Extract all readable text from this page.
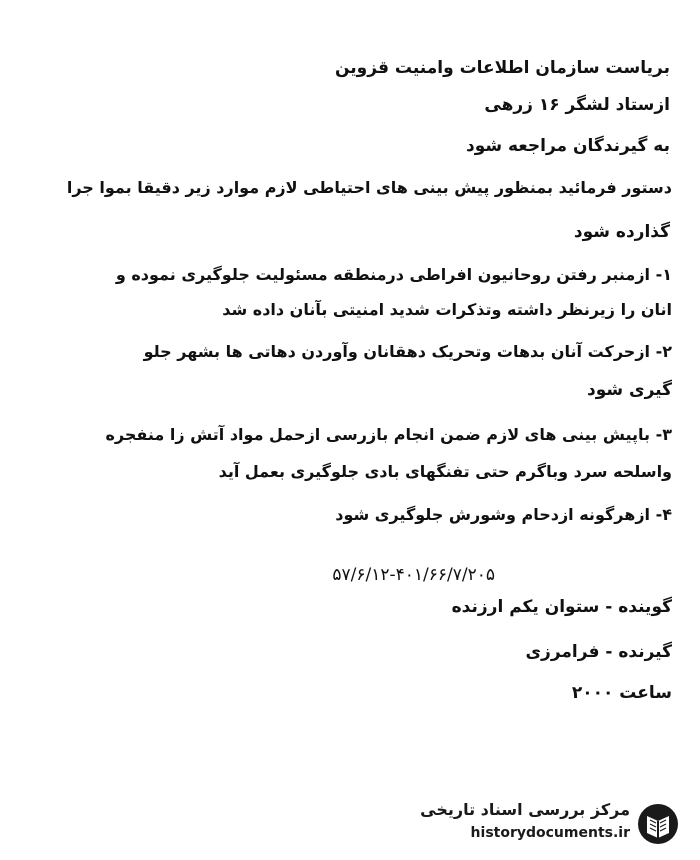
بریاست سازمان اطلاعات وامنیت قزوین
ازستاد لشگر ۱۶ زرهی
به گیرندگان مراجعه شود
دستور فرمائید بمنظور پیش بینی های احتیاطی لازم موارد زیر دقیقا بموا جرا
گذارده شود
۱- ازمنبر رفتن روحانیون افراطی درمنطقه مسئولیت جلوگیری نموده و
انان را زیرنظر داشته وتذکرات شدید امنیتی بآنان داده شد
۲- ازحرکت آنان بدهات وتحریک دهقانان وآوردن دهاتی ها بشهر جلو
گیری شود
۳- باپیش بینی های لازم ضمن انجام بازرسی ازحمل مواد آتش زا منفجره
واسلحه سرد وباگرم حتی تفنگهای بادی جلوگیری بعمل آید
۴- ازهرگونه ازدحام وشورش جلوگیری شود
۵۷/۶/۱۲-۴۰۱/۶۶/۷/۲۰۵
گوینده - ستوان یکم ارزنده
گیرنده - فرامرزی
ساعت ۲۰۰۰
مرکز بررسی اسناد تاریخی
historydocuments.ir
